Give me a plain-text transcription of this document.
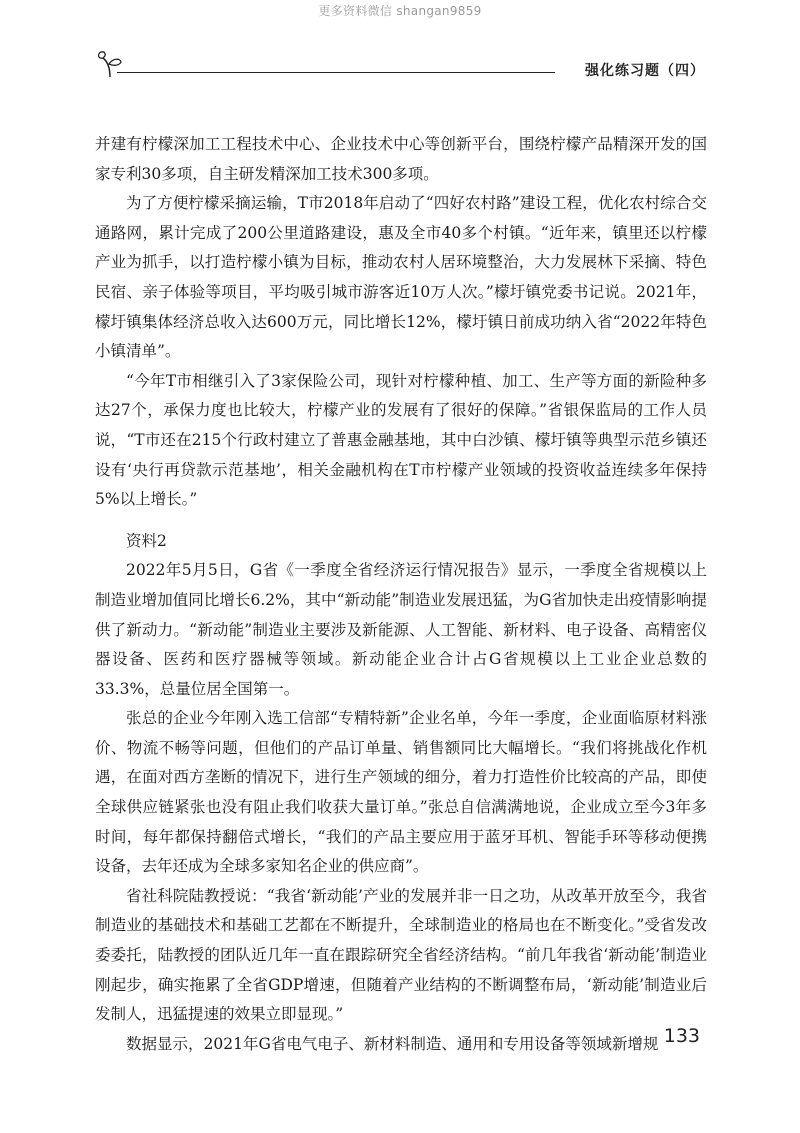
更多资料微信 shangan9859
强化练习题（四）

并建有柠檬深加工工程技术中心、企业技术中心等创新平台，围绕柠檬产品精深开发的国家专利30多项，自主研发精深加工技术300多项。

为了方便柠檬采摘运输，T市2018年启动了“四好农村路”建设工程，优化农村综合交通路网，累计完成了200公里道路建设，惠及全市40多个村镇。“近年来，镇里还以柠檬产业为抓手，以打造柠檬小镇为目标，推动农村人居环境整治，大力发展林下采摘、特色民宿、亲子体验等项目，平均吸引城市游客近10万人次。”檬圩镇党委书记说。2021年，檬圩镇集体经济总收入达600万元，同比增长12%，檬圩镇日前成功纳入省“2022年特色小镇清单”。

“今年T市相继引入了3家保险公司，现针对柠檬种植、加工、生产等方面的新险种多达27个，承保力度也比较大，柠檬产业的发展有了很好的保障。”省银保监局的工作人员说，“T市还在215个行政村建立了普惠金融基地，其中白沙镇、檬圩镇等典型示范乡镇还设有‘央行再贷款示范基地’，相关金融机构在T市柠檬产业领域的投资收益连续多年保持5%以上增长。”

资料2

2022年5月5日，G省《一季度全省经济运行情况报告》显示，一季度全省规模以上制造业增加值同比增长6.2%，其中“新动能”制造业发展迅猛，为G省加快走出疫情影响提供了新动力。“新动能”制造业主要涉及新能源、人工智能、新材料、电子设备、高精密仪器设备、医药和医疗器械等领域。新动能企业合计占G省规模以上工业企业总数的33.3%，总量位居全国第一。

张总的企业今年刚入选工信部“专精特新”企业名单，今年一季度，企业面临原材料涨价、物流不畅等问题，但他们的产品订单量、销售额同比大幅增长。“我们将挑战化作机遇，在面对西方垄断的情况下，进行生产领域的细分，着力打造性价比较高的产品，即使全球供应链紧张也没有阻止我们收获大量订单。”张总自信满满地说，企业成立至今3年多时间，每年都保持翻倍式增长，“我们的产品主要应用于蓝牙耳机、智能手环等移动便携设备，去年还成为全球多家知名企业的供应商”。

省社科院陆教授说：“我省‘新动能’产业的发展并非一日之功，从改革开放至今，我省制造业的基础技术和基础工艺都在不断提升，全球制造业的格局也在不断变化。”受省发改委委托，陆教授的团队近几年一直在跟踪研究全省经济结构。“前几年我省‘新动能’制造业刚起步，确实拖累了全省GDP增速，但随着产业结构的不断调整布局，‘新动能’制造业后发制人，迅猛提速的效果立即显现。”

数据显示，2021年G省电气电子、新材料制造、通用和专用设备等领域新增规 133
